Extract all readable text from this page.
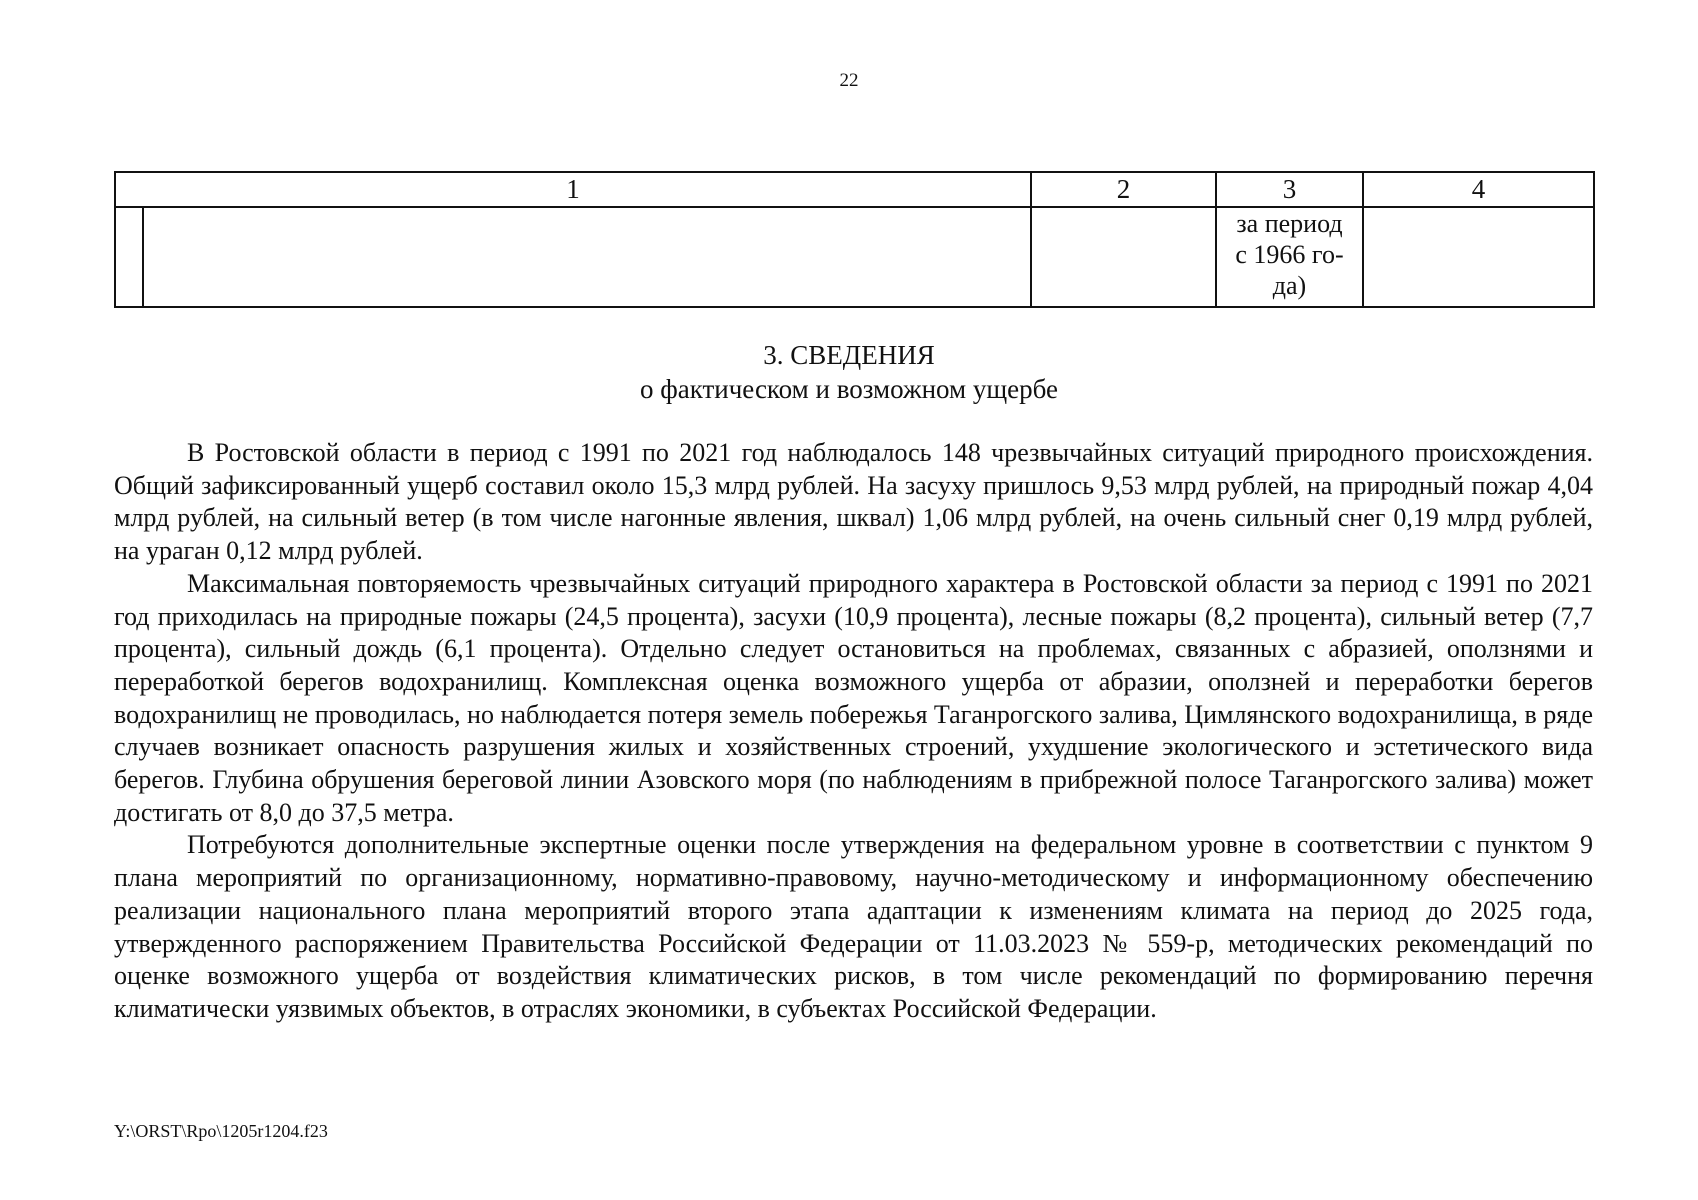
22
1		2	3	4

			за период
с 1966 го-
да)	

3. СВЕДЕНИЯ
о фактическом и возможном ущербе

В Ростовской области в период с 1991 по 2021 год наблюдалось 148 чрезвычайных ситуаций природного происхождения. Общий зафиксированный ущерб составил около 15,3 млрд рублей. На засуху пришлось 9,53 млрд рублей, на природный пожар 4,04 млрд рублей, на сильный ветер (в том числе нагонные явления, шквал) 1,06 млрд рублей, на очень сильный снег 0,19 млрд рублей, на ураган 0,12 млрд рублей.

Максимальная повторяемость чрезвычайных ситуаций природного характера в Ростовской области за период с 1991 по 2021 год приходилась на природные пожары (24,5 процента), засухи (10,9 процента), лесные пожары (8,2 процента), сильный ветер (7,7 процента), сильный дождь (6,1 процента). Отдельно следует остановиться на проблемах, связанных с абразией, оползнями и переработкой берегов водохранилищ. Комплексная оценка возможного ущерба от абразии, оползней и переработки берегов водохранилищ не проводилась, но наблюдается потеря земель побережья Таганрогского залива, Цимлянского водохранилища, в ряде случаев возникает опасность разрушения жилых и хозяйственных строений, ухудшение экологического и эстетического вида берегов. Глубина обрушения береговой линии Азовского моря (по наблюдениям в прибрежной полосе Таганрогского залива) может достигать от 8,0 до 37,5 метра.

Потребуются дополнительные экспертные оценки после утверждения на федеральном уровне в соответствии с пунктом 9 плана мероприятий по организационному, нормативно-правовому, научно-методическому и информационному обеспечению реализации национального плана мероприятий второго этапа адаптации к изменениям климата на период до 2025 года, утвержденного распоряжением Правительства Российской Федерации от 11.03.2023 № 559-р, методических рекомендаций по оценке возможного ущерба от воздействия климатических рисков, в том числе рекомендаций по формированию перечня климатически уязвимых объектов, в отраслях экономики, в субъектах Российской Федерации.

Y:\ORST\Rpo\1205r1204.f23
